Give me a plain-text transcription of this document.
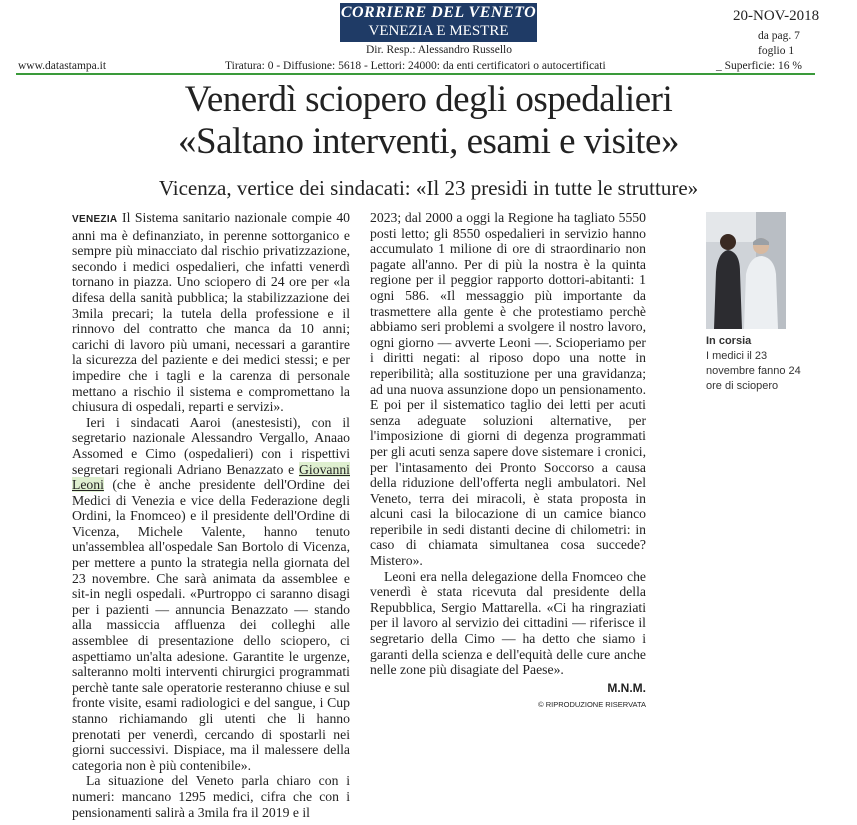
CORRIERE DEL VENETO
VENEZIA E MESTRE
Dir. Resp.: Alessandro Russello
20-NOV-2018
da pag. 7
foglio 1
www.datastampa.it	Tiratura: 0 - Diffusione: 5618 - Lettori: 24000: da enti certificatori o autocertificati	_ Superficie: 16 %
Venerdì sciopero degli ospedalieri
«Saltano interventi, esami e visite»
Vicenza, vertice dei sindacati: «Il 23 presidi in tutte le strutture»

VENEZIA Il Sistema sanitario nazionale compie 40 anni ma è definanziato, in perenne sottorganico e sempre più minacciato dal rischio privatizzazione, secondo i medici ospedalieri, che infatti venerdì tornano in piazza. Uno sciopero di 24 ore per «la difesa della sanità pubblica; la stabilizzazione dei 3mila precari; la tutela della professione e il rinnovo del contratto che manca da 10 anni; carichi di lavoro più umani, necessari a garantire la sicurezza del paziente e dei medici stessi; e per impedire che i tagli e la carenza di personale mettano a rischio il sistema e compromettano la chiusura di ospedali, reparti e servizi».

Ieri i sindacati Aaroi (anestesisti), con il segretario nazionale Alessandro Vergallo, Anaao Assomed e Cimo (ospedalieri) con i rispettivi segretari regionali Adriano Benazzato e Giovanni Leoni (che è anche presidente dell'Ordine dei Medici di Venezia e vice della Federazione degli Ordini, la Fnomceo) e il presidente dell'Ordine di Vicenza, Michele Valente, hanno tenuto un'assemblea all'ospedale San Bortolo di Vicenza, per mettere a punto la strategia nella giornata del 23 novembre. Che sarà animata da assemblee e sit-in negli ospedali. «Purtroppo ci saranno disagi per i pazienti — annuncia Benazzato — stando alla massiccia affluenza dei colleghi alle assemblee di presentazione dello sciopero, ci aspettiamo un'alta adesione. Garantite le urgenze, salteranno molti interventi chirurgici programmati perchè tante sale operatorie resteranno chiuse e sul fronte visite, esami radiologici e del sangue, i Cup stanno richiamando gli utenti che li hanno prenotati per venerdì, cercando di spostarli nei giorni successivi. Dispiace, ma il malessere della categoria non è più contenibile».

La situazione del Veneto parla chiaro con i numeri: mancano 1295 medici, cifra che con i pensionamenti salirà a 3mila fra il 2019 e il

2023; dal 2000 a oggi la Regione ha tagliato 5550 posti letto; gli 8550 ospedalieri in servizio hanno accumulato 1 milione di ore di straordinario non pagate all'anno. Per di più la nostra è la quinta regione per il peggior rapporto dottori-abitanti: 1 ogni 586. «Il messaggio più importante da trasmettere alla gente è che protestiamo perchè abbiamo seri problemi a svolgere il nostro lavoro, ogni giorno — avverte Leoni —. Scioperiamo per i diritti negati: al riposo dopo una notte in reperibilità; alla sostituzione per una gravidanza; ad una nuova assunzione dopo un pensionamento. E poi per il sistematico taglio dei letti per acuti senza adeguate soluzioni alternative, per l'imposizione di giorni di degenza programmati per gli acuti senza sapere dove sistemare i cronici, per l'intasamento dei Pronto Soccorso a causa della riduzione dell'offerta negli ambulatori. Nel Veneto, terra dei miracoli, è stata proposta in alcuni casi la bilocazione di un camice bianco reperibile in sedi distanti decine di chilometri: in caso di chiamata simultanea cosa succede? Mistero».

Leoni era nella delegazione della Fnomceo che venerdì è stata ricevuta dal presidente della Repubblica, Sergio Mattarella. «Ci ha ringraziati per il lavoro al servizio dei cittadini — riferisce il segretario della Cimo — ha detto che siamo i garanti della scienza e dell'equità delle cure anche nelle zone più disagiate del Paese».

M.N.M.
© RIPRODUZIONE RISERVATA
In corsia
I medici il 23 novembre fanno 24 ore di sciopero
